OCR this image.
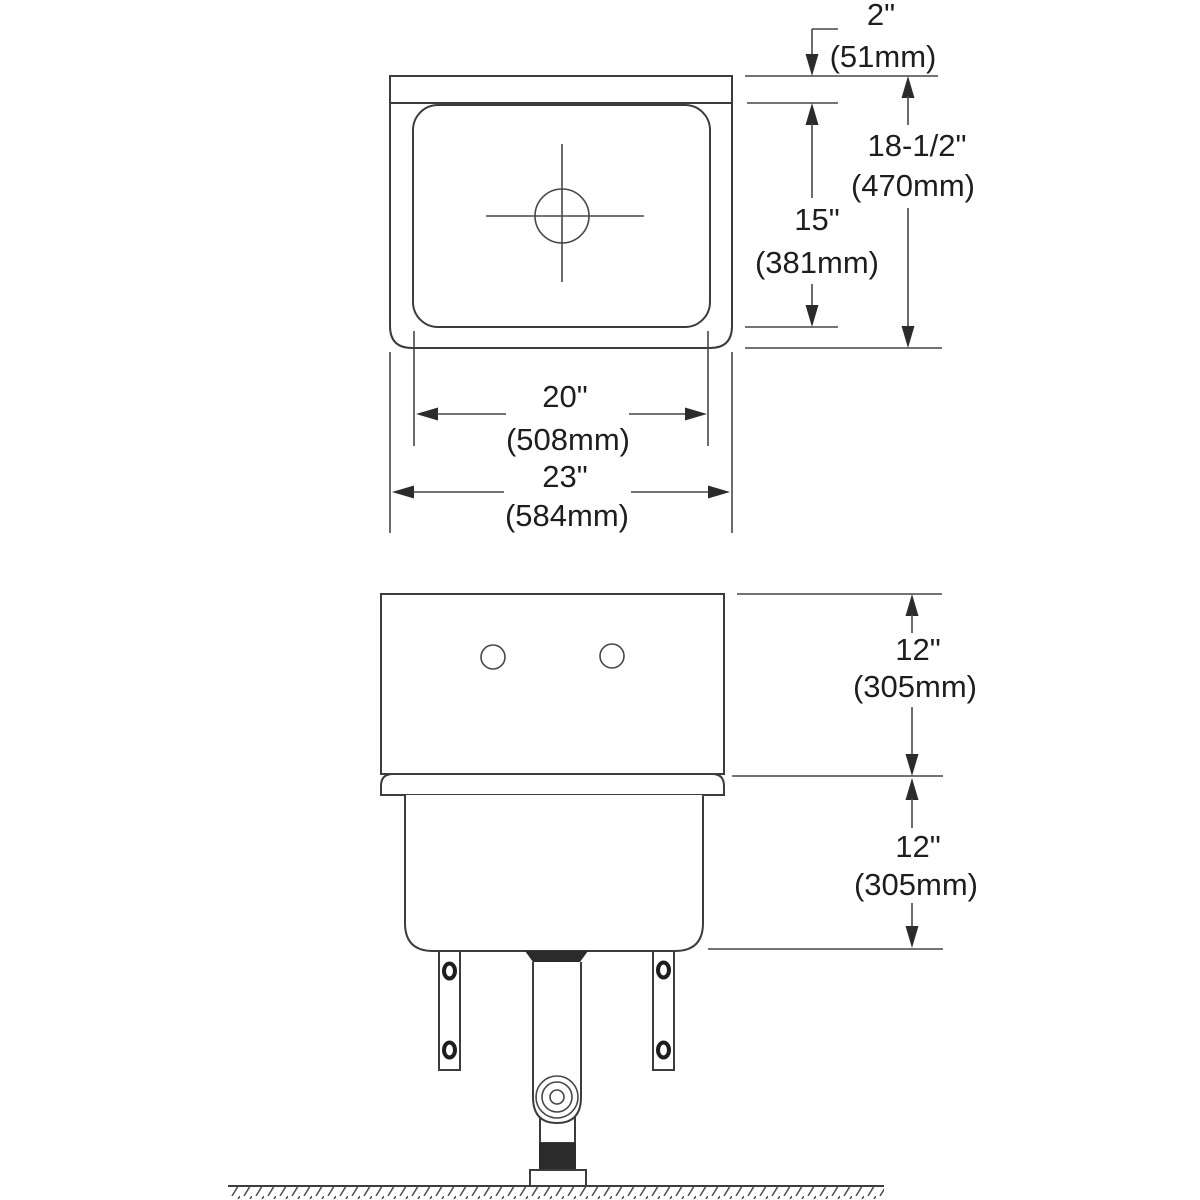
2"
(51mm)
18-1/2"
(470mm)
15"
(381mm)
20"
(508mm)
23"
(584mm)
12"
(305mm)
12"
(305mm)
